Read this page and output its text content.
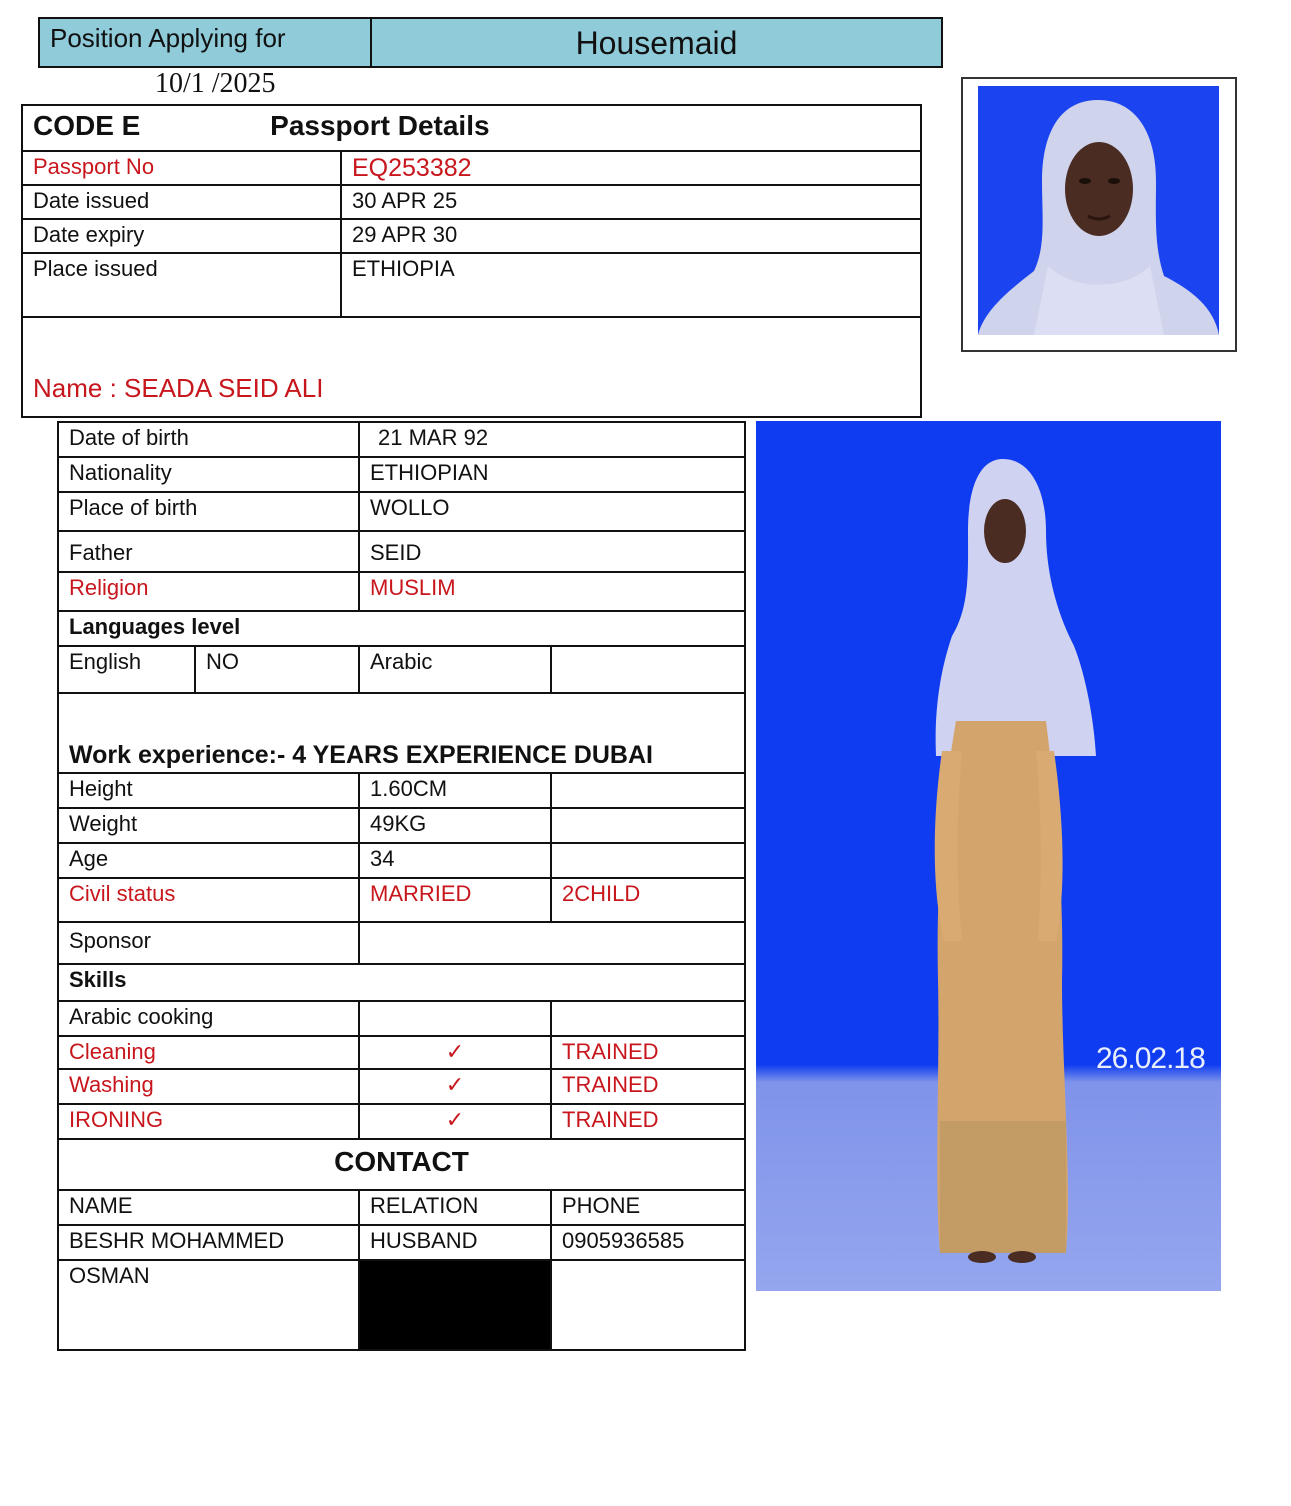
Position Applying for	Housemaid
10/1 /2025
CODE E Passport Details	
Passport No	EQ253382
Date issued	30 APR 25
Date expiry	29 APR 30
Place issued	ETHIOPIA
Name : SEADA SEID ALI	
Date of birth		21 MAR 92	
Nationality		ETHIOPIAN	
Place of birth		WOLLO	
Father		SEID	
Religion		MUSLIM	
Languages level			
English	NO	Arabic	
Work experience:- 4 YEARS EXPERIENCE DUBAI			
Height		1.60CM	
Weight		49KG	
Age		34	
Civil status		MARRIED	2CHILD
Sponsor			
Skills			
Arabic cooking			
Cleaning		✓	TRAINED
Washing		✓	TRAINED
IRONING		✓	TRAINED
CONTACT			
NAME		RELATION	PHONE
BESHR MOHAMMED		HUSBAND	0905936585
OSMAN			
26.02.18
